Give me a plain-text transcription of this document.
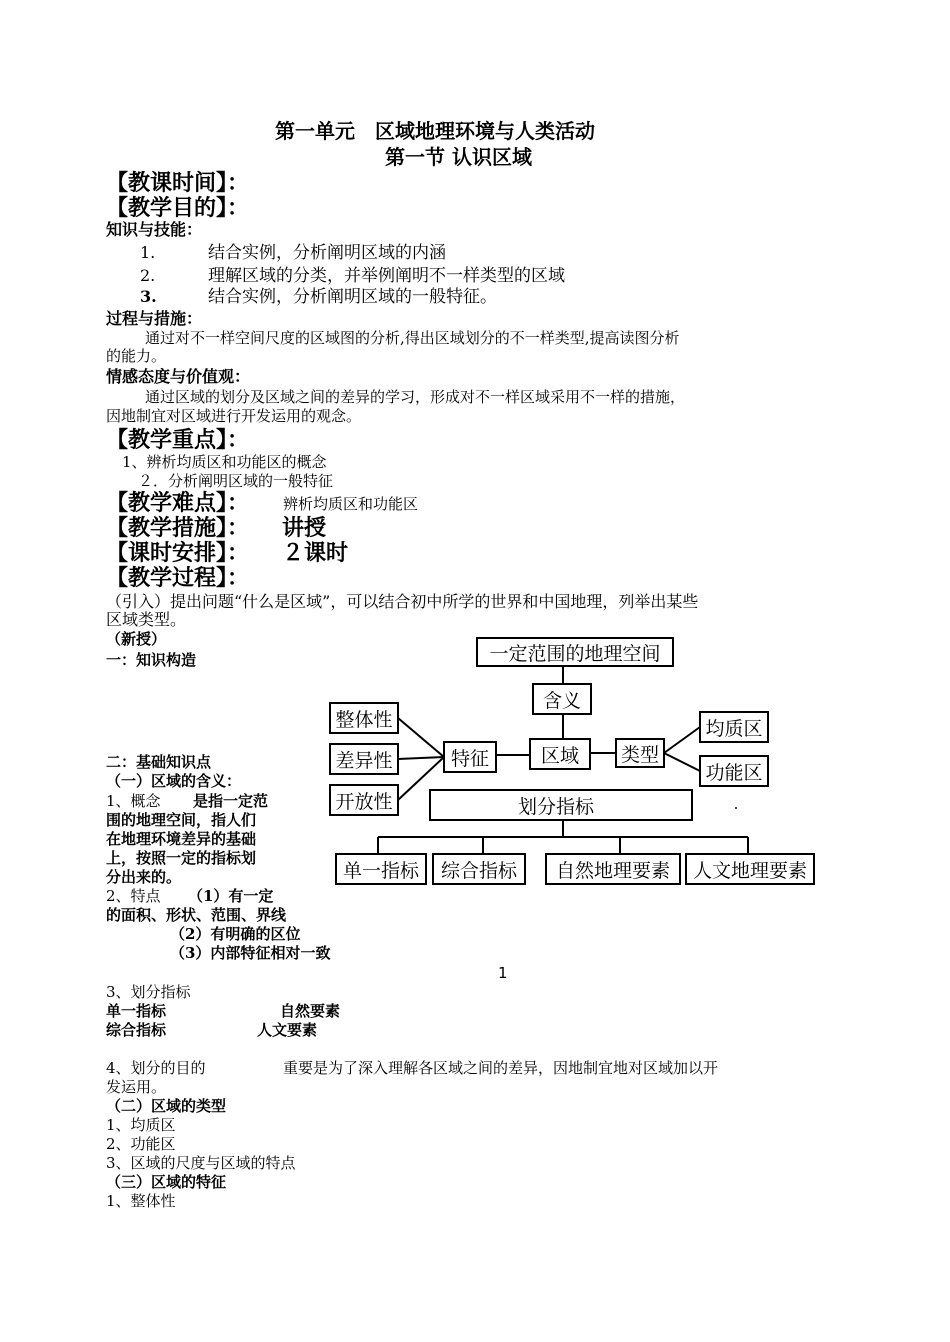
第一单元　区域地理环境与人类活动
第一节 认识区域
【教课时间】：
【教学目的】：
知识与技能：
1.	结合实例，分析阐明区域的内涵
2.	理解区域的分类，并举例阐明不一样类型的区域
3.	结合实例，分析阐明区域的一般特征。
过程与措施：
通过对不一样空间尺度的区域图的分析,得出区域划分的不一样类型,提高读图分析
的能力。
情感态度与价值观：
通过区域的划分及区域之间的差异的学习，形成对不一样区域采用不一样的措施，
因地制宜对区域进行开发运用的观念。
【教学重点】：
1、辨析均质区和功能区的概念
２．分析阐明区域的一般特征
【教学难点】： 辨析均质区和功能区
【教学措施】： 讲授
【课时安排】： ２课时
【教学过程】：
（引入）提出问题“什么是区域”，可以结合初中所学的世界和中国地理，列举出某些
区域类型。
（新授）
一：知识构造	一定范围的地理空间
含义
区域
特征	类型
整体性
差异性
开放性
均质区
功能区
划分指标
单一指标 综合指标 自然地理要素 人文地理要素
二：基础知识点
（一）区域的含义：
1、概念 是指一定范
围的地理空间，指人们
在地理环境差异的基础
上，按照一定的指标划
分出来的。
2、特点 （1）有一定
的面积、形状、范围、界线
（2）有明确的区位
（3）内部特征相对一致
1
3、划分指标
单一指标	自然要素
综合指标	人文要素
4、划分的目的	重要是为了深入理解各区域之间的差异，因地制宜地对区域加以开
发运用。
（二）区域的类型
1、均质区
2、功能区
3、区域的尺度与区域的特点
（三）区域的特征
1、整体性
